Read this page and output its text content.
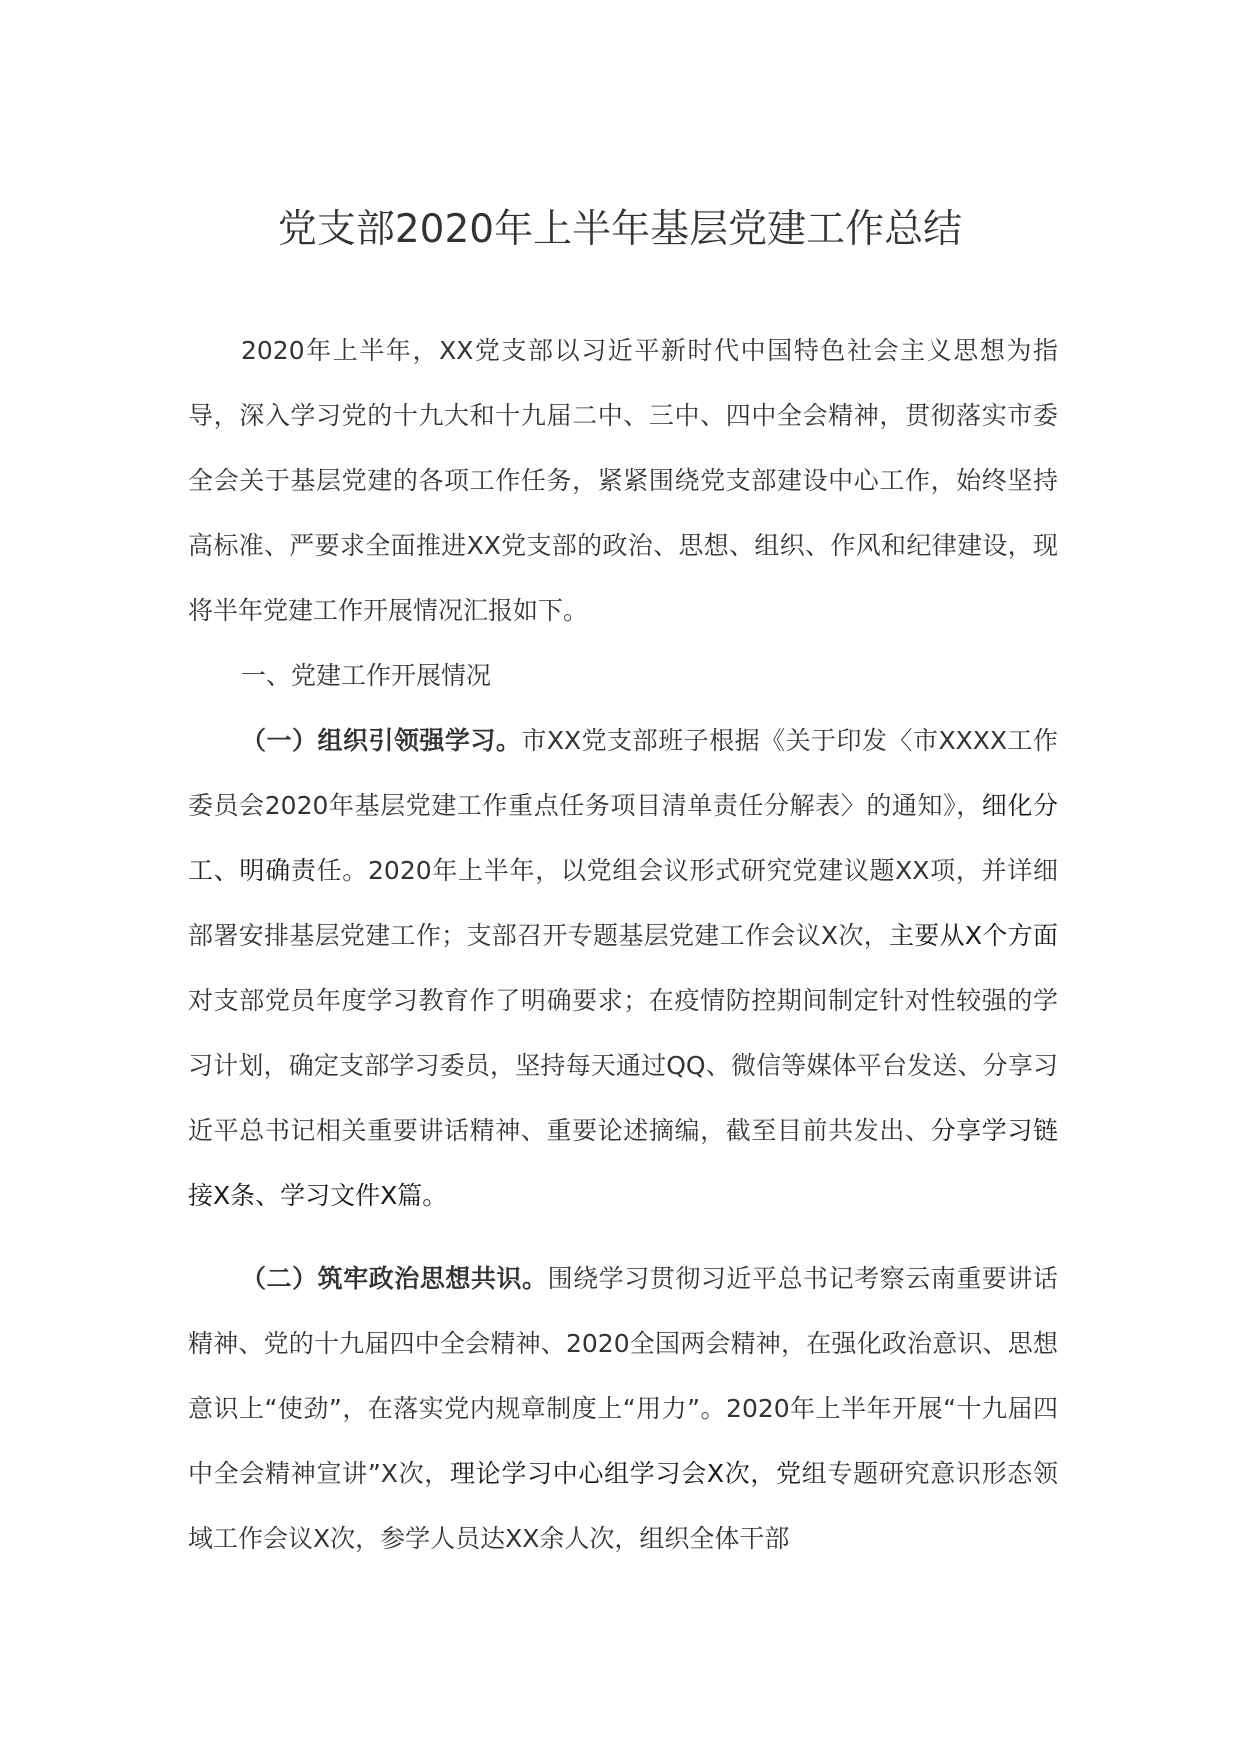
党支部2020年上半年基层党建工作总结

2020年上半年，XX党支部以习近平新时代中国特色社会主义思想为指导，深入学习党的十九大和十九届二中、三中、四中全会精神，贯彻落实市委全会关于基层党建的各项工作任务，紧紧围绕党支部建设中心工作，始终坚持高标准、严要求全面推进XX党支部的政治、思想、组织、作风和纪律建设，现将半年党建工作开展情况汇报如下。

一、党建工作开展情况

（一）组织引领强学习。市XX党支部班子根据《关于印发〈市XXXX工作委员会2020年基层党建工作重点任务项目清单责任分解表〉的通知》，细化分工、明确责任。2020年上半年，以党组会议形式研究党建议题XX项，并详细部署安排基层党建工作；支部召开专题基层党建工作会议X次，主要从X个方面对支部党员年度学习教育作了明确要求；在疫情防控期间制定针对性较强的学习计划，确定支部学习委员，坚持每天通过QQ、微信等媒体平台发送、分享习近平总书记相关重要讲话精神、重要论述摘编，截至目前共发出、分享学习链接X条、学习文件X篇。

（二）筑牢政治思想共识。围绕学习贯彻习近平总书记考察云南重要讲话精神、党的十九届四中全会精神、2020全国两会精神，在强化政治意识、思想意识上“使劲”，在落实党内规章制度上“用力”。2020年上半年开展“十九届四中全会精神宣讲”X次，理论学习中心组学习会X次，党组专题研究意识形态领域工作会议X次，参学人员达XX余人次，组织全体干部
